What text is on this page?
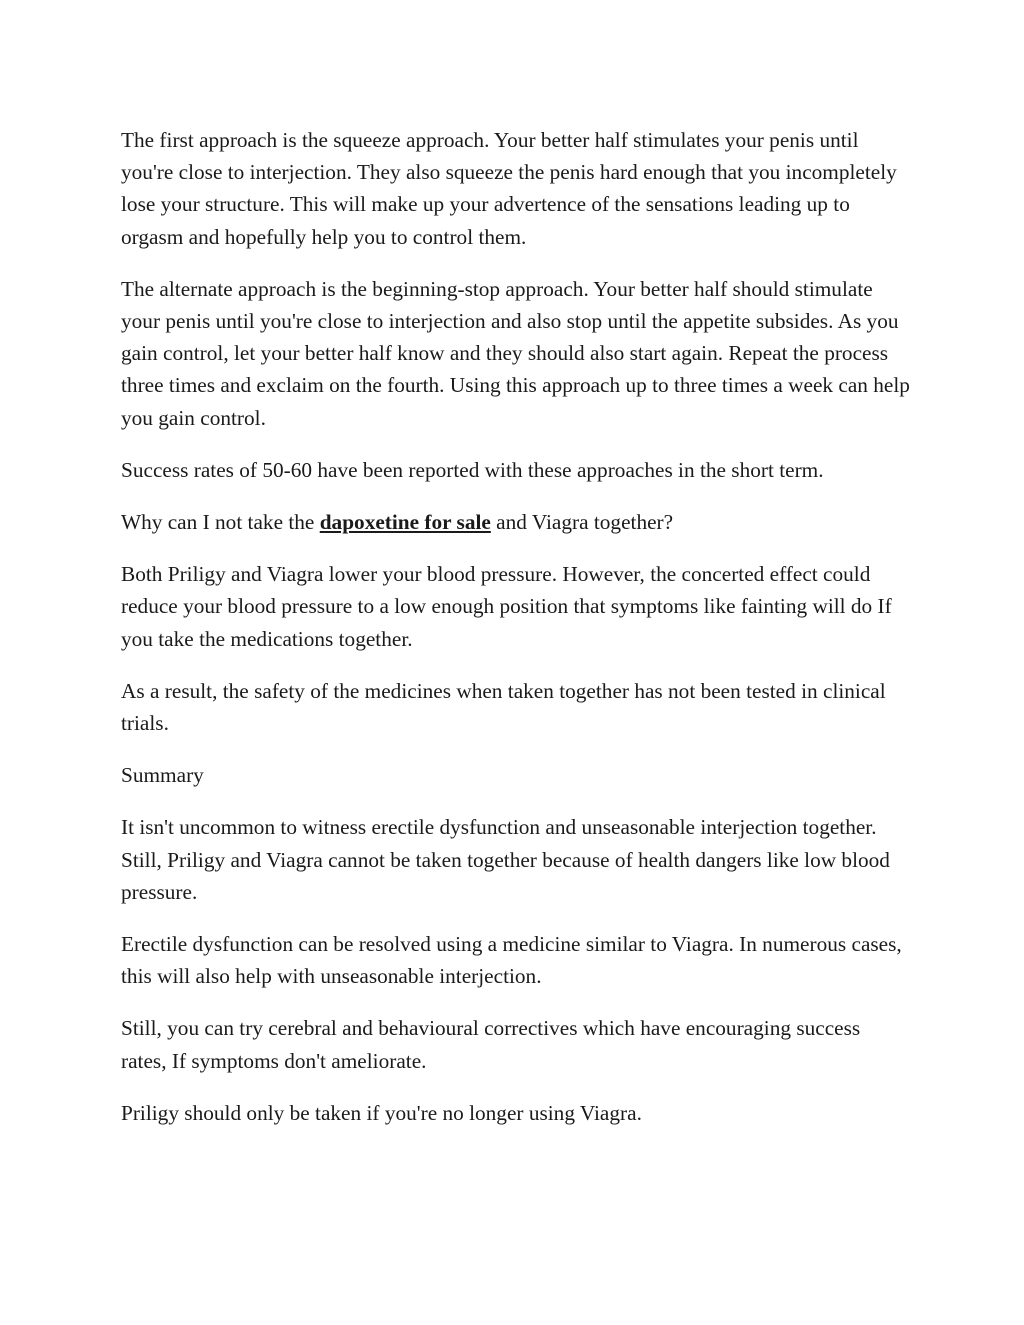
The first approach is the squeeze approach. Your better half stimulates your penis until you're close to interjection. They also squeeze the penis hard enough that you incompletely lose your structure. This will make up your advertence of the sensations leading up to orgasm and hopefully help you to control them.

The alternate approach is the beginning-stop approach. Your better half should stimulate your penis until you're close to interjection and also stop until the appetite subsides. As you gain control, let your better half know and they should also start again. Repeat the process three times and exclaim on the fourth. Using this approach up to three times a week can help you gain control.

Success rates of 50-60 have been reported with these approaches in the short term.

Why can I not take the dapoxetine for sale and Viagra together?

Both Priligy and Viagra lower your blood pressure. However, the concerted effect could reduce your blood pressure to a low enough position that symptoms like fainting will do If you take the medications together.

As a result, the safety of the medicines when taken together has not been tested in clinical trials.

Summary

It isn't uncommon to witness erectile dysfunction and unseasonable interjection together. Still, Priligy and Viagra cannot be taken together because of health dangers like low blood pressure.

Erectile dysfunction can be resolved using a medicine similar to Viagra. In numerous cases, this will also help with unseasonable interjection.

Still, you can try cerebral and behavioural correctives which have encouraging success rates, If symptoms don't ameliorate.

Priligy should only be taken if you're no longer using Viagra.
